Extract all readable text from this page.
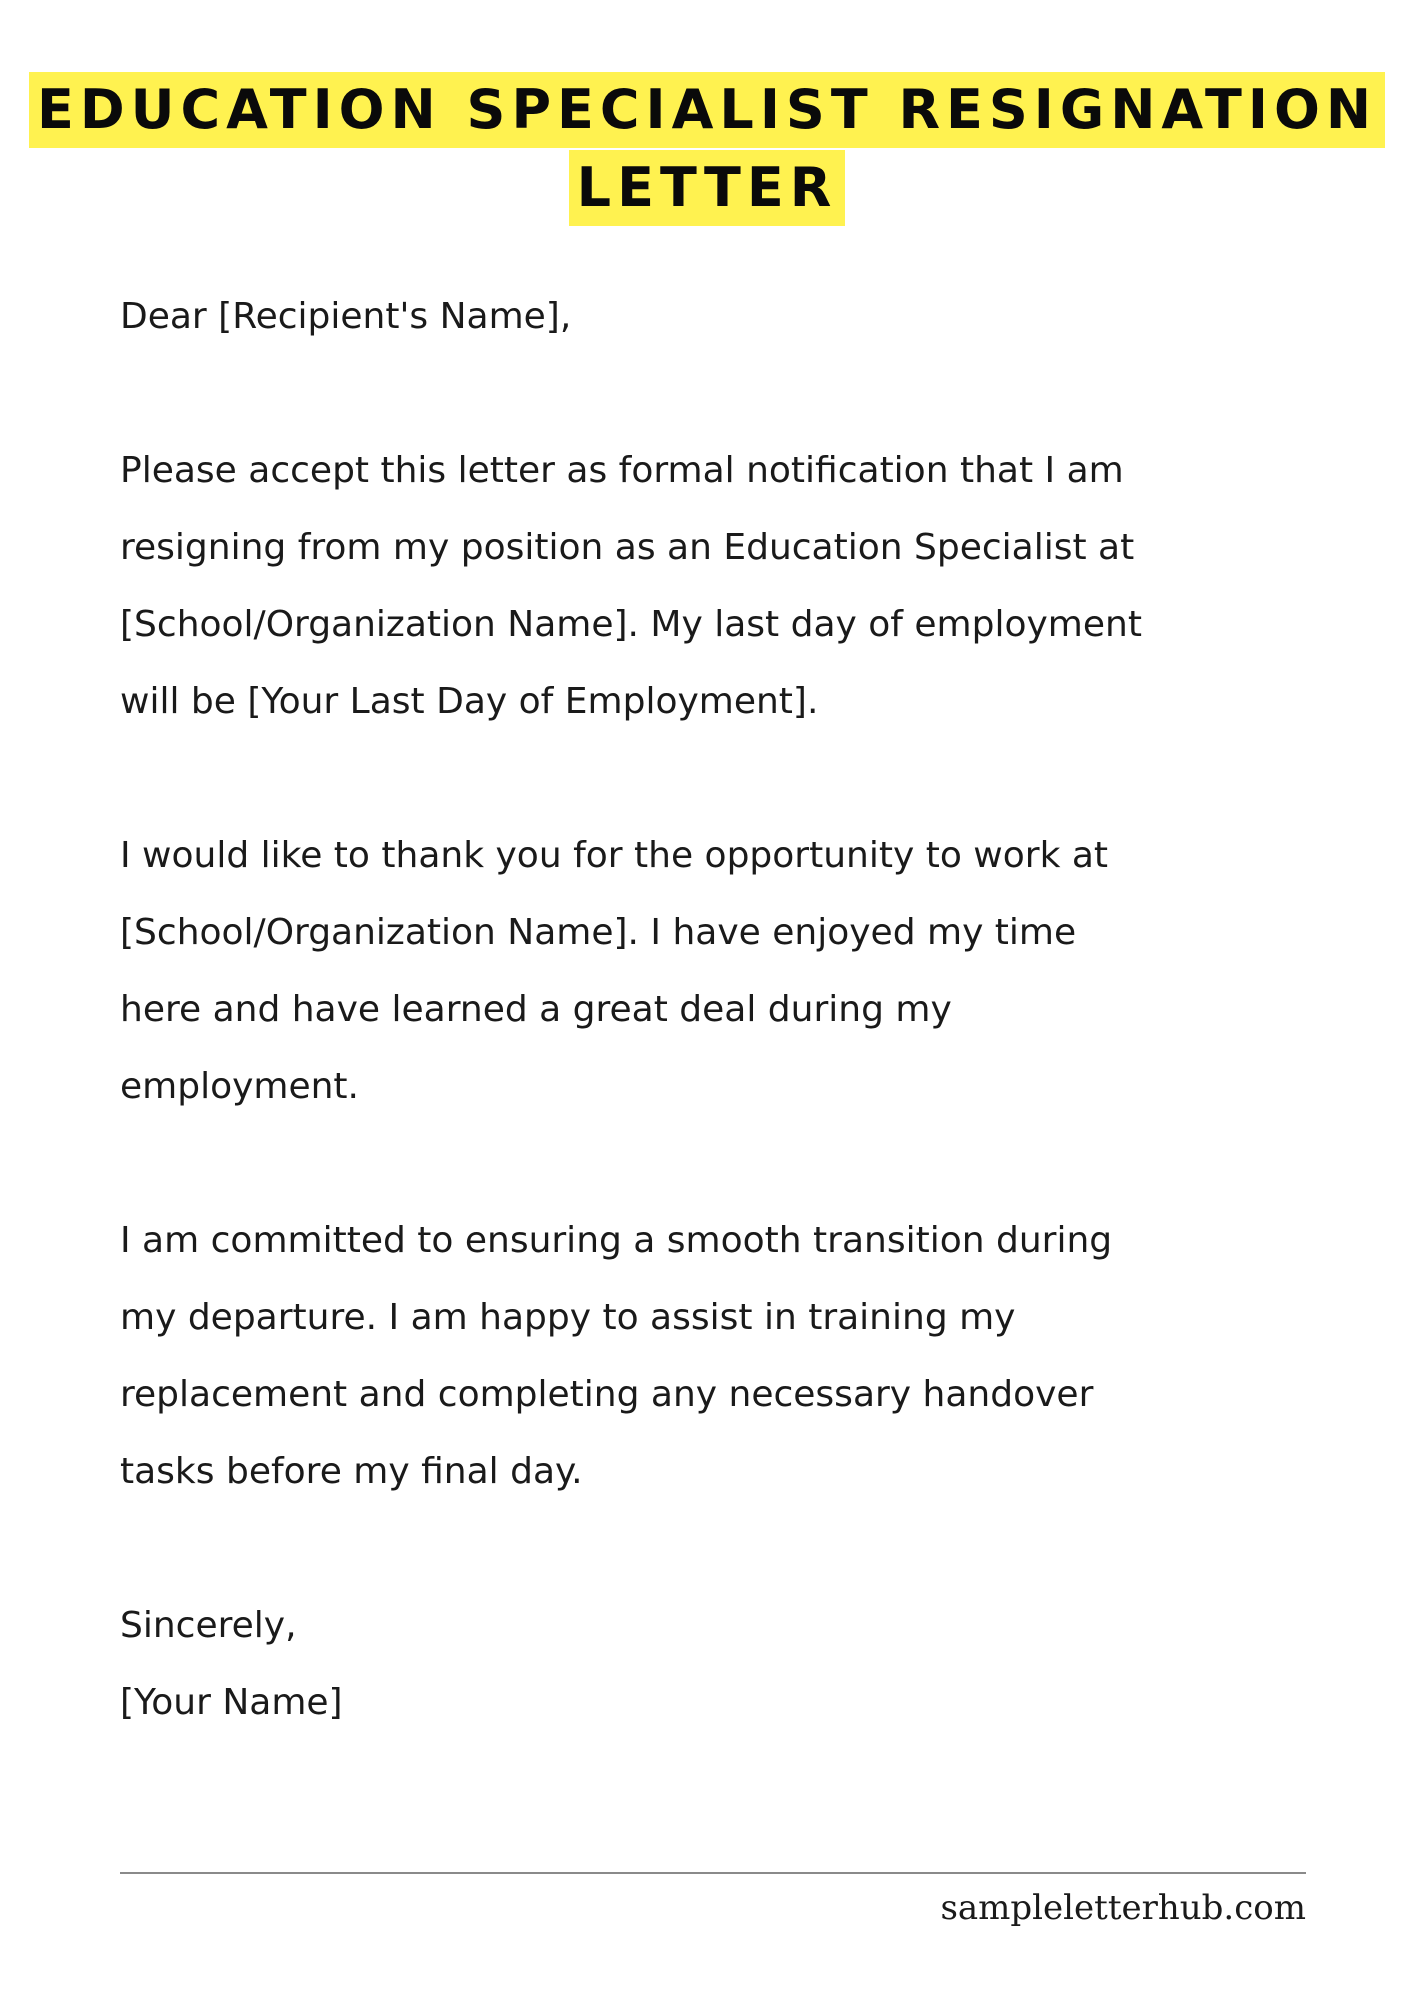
EDUCATION SPECIALIST RESIGNATION
LETTER

Dear [Recipient's Name],

Please accept this letter as formal notification that I am
resigning from my position as an Education Specialist at
[School/Organization Name]. My last day of employment
will be [Your Last Day of Employment].

I would like to thank you for the opportunity to work at
[School/Organization Name]. I have enjoyed my time
here and have learned a great deal during my
employment.

I am committed to ensuring a smooth transition during
my departure. I am happy to assist in training my
replacement and completing any necessary handover
tasks before my final day.

Sincerely,

[Your Name]

sampleletterhub.com
